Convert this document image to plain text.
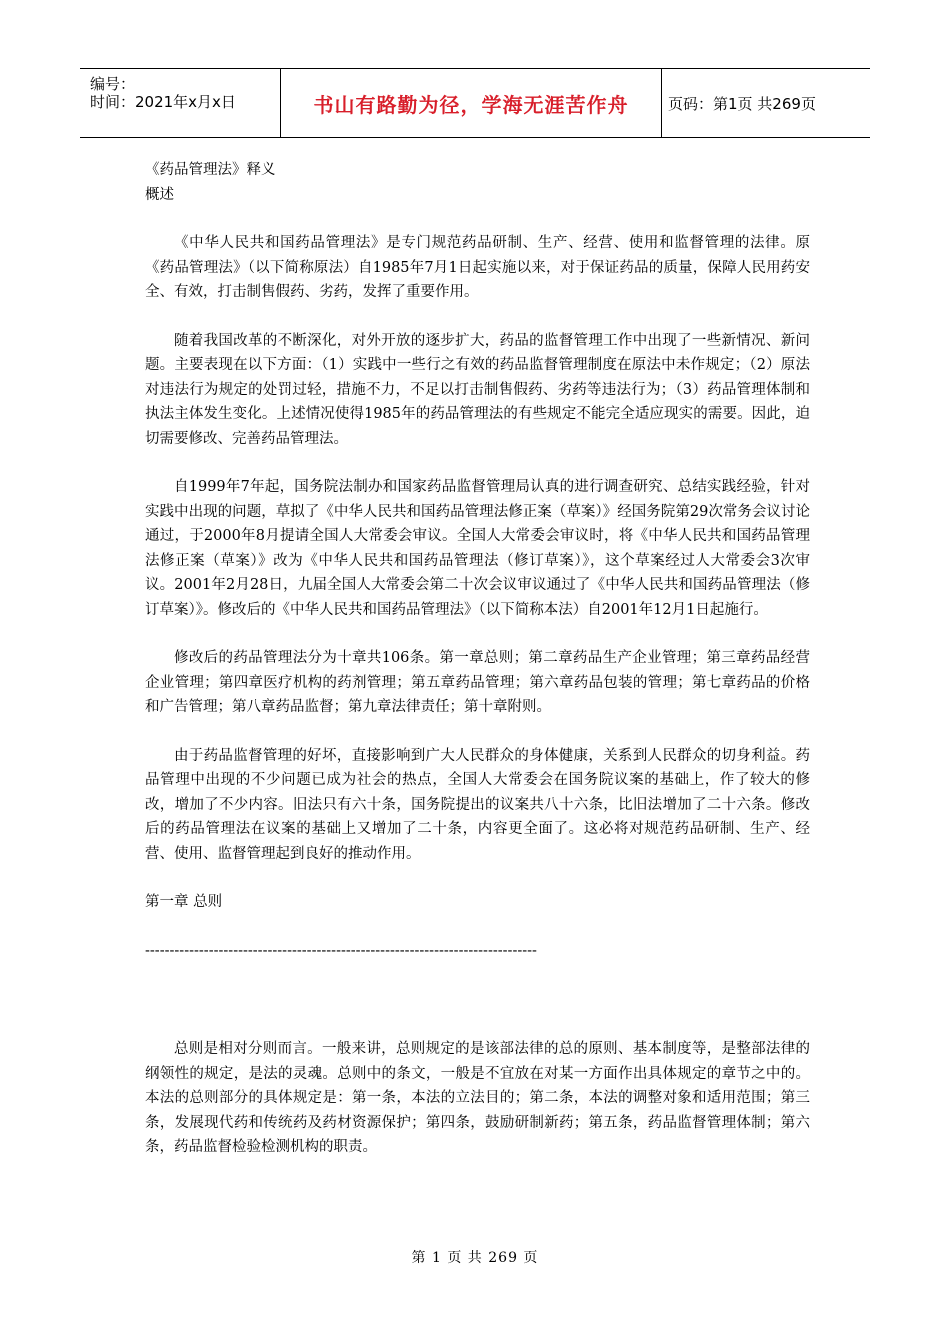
编号：
时间：2021年x月x日	书山有路勤为径，学海无涯苦作舟	页码：第1页 共269页

《药品管理法》释义

概述

《中华人民共和国药品管理法》是专门规范药品研制、生产、经营、使用和监督管理的法律。原《药品管理法》（以下简称原法）自1985年7月1日起实施以来，对于保证药品的质量，保障人民用药安全、有效，打击制售假药、劣药，发挥了重要作用。

随着我国改革的不断深化，对外开放的逐步扩大，药品的监督管理工作中出现了一些新情况、新问题。主要表现在以下方面：（1）实践中一些行之有效的药品监督管理制度在原法中未作规定；（2）原法对违法行为规定的处罚过轻，措施不力，不足以打击制售假药、劣药等违法行为；（3）药品管理体制和执法主体发生变化。上述情况使得1985年的药品管理法的有些规定不能完全适应现实的需要。因此，迫切需要修改、完善药品管理法。

自1999年7年起，国务院法制办和国家药品监督管理局认真的进行调查研究、总结实践经验，针对实践中出现的问题，草拟了《中华人民共和国药品管理法修正案（草案）》经国务院第29次常务会议讨论通过，于2000年8月提请全国人大常委会审议。全国人大常委会审议时，将《中华人民共和国药品管理法修正案（草案）》改为《中华人民共和国药品管理法（修订草案）》，这个草案经过人大常委会3次审议。2001年2月28日，九届全国人大常委会第二十次会议审议通过了《中华人民共和国药品管理法（修订草案）》。修改后的《中华人民共和国药品管理法》（以下简称本法）自2001年12月1日起施行。

修改后的药品管理法分为十章共106条。第一章总则；第二章药品生产企业管理；第三章药品经营企业管理；第四章医疗机构的药剂管理；第五章药品管理；第六章药品包装的管理；第七章药品的价格和广告管理；第八章药品监督；第九章法律责任；第十章附则。

由于药品监督管理的好坏，直接影响到广大人民群众的身体健康，关系到人民群众的切身利益。药品管理中出现的不少问题已成为社会的热点，全国人大常委会在国务院议案的基础上，作了较大的修改，增加了不少内容。旧法只有六十条，国务院提出的议案共八十六条，比旧法增加了二十六条。修改后的药品管理法在议案的基础上又增加了二十条，内容更全面了。这必将对规范药品研制、生产、经营、使用、监督管理起到良好的推动作用。

第一章 总则

--------------------------------------------------------------------------------

总则是相对分则而言。一般来讲，总则规定的是该部法律的总的原则、基本制度等，是整部法律的纲领性的规定，是法的灵魂。总则中的条文，一般是不宜放在对某一方面作出具体规定的章节之中的。本法的总则部分的具体规定是：第一条，本法的立法目的；第二条，本法的调整对象和适用范围；第三条，发展现代药和传统药及药材资源保护；第四条，鼓励研制新药；第五条，药品监督管理体制；第六条，药品监督检验检测机构的职责。

第 1 页 共 269 页
